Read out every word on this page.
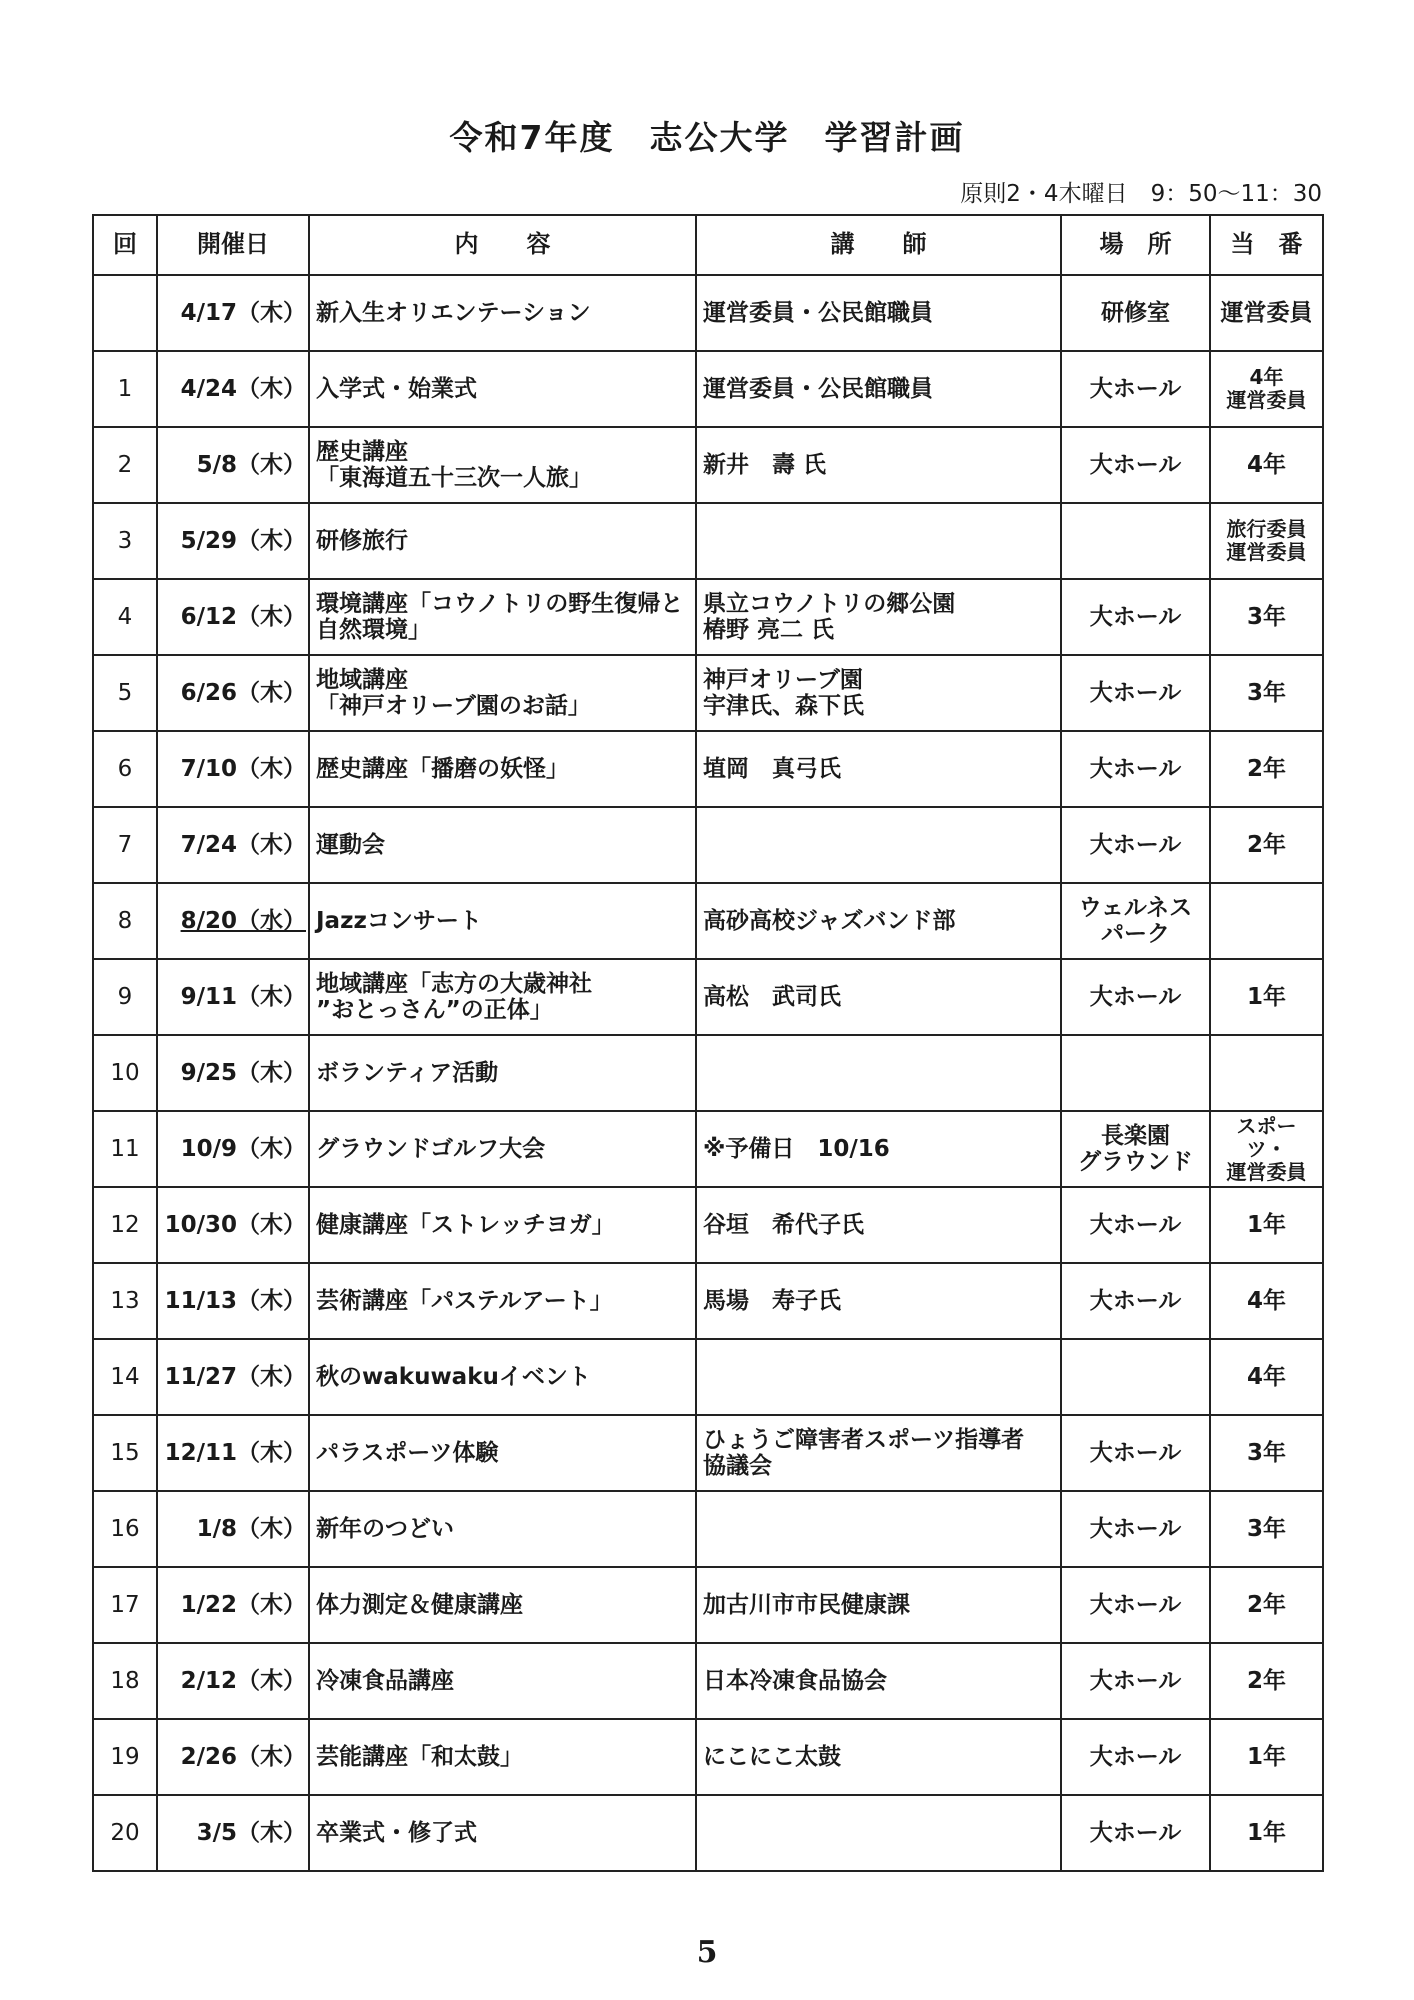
令和7年度　志公大学　学習計画
原則2・4木曜日　9：50～11：30
回	開催日	内　　容	講　　師	場　所	当　番
	4/17（木）	新入生オリエンテーション	運営委員・公民館職員	研修室	運営委員
1	4/24（木）	入学式・始業式	運営委員・公民館職員	大ホール	4年
運営委員
2	5/8（木）	歴史講座
「東海道五十三次一人旅」	新井　壽 氏	大ホール	4年
3	5/29（木）	研修旅行			旅行委員
運営委員
4	6/12（木）	環境講座「コウノトリの野生復帰と
自然環境」	県立コウノトリの郷公園
椿野 亮二 氏	大ホール	3年
5	6/26（木）	地域講座
「神戸オリーブ園のお話」	神戸オリーブ園
宇津氏、森下氏	大ホール	3年
6	7/10（木）	歴史講座「播磨の妖怪」	埴岡　真弓氏	大ホール	2年
7	7/24（木）	運動会		大ホール	2年
8	8/20（水）	Jazzコンサート	高砂高校ジャズバンド部	ウェルネス
パーク	
9	9/11（木）	地域講座「志方の大歳神社
”おとっさん”の正体」	高松　武司氏	大ホール	1年
10	9/25（木）	ボランティア活動			
11	10/9（木）	グラウンドゴルフ大会	※予備日　10/16	長楽園
グラウンド	スポーツ・
運営委員
12	10/30（木）	健康講座「ストレッチヨガ」	谷垣　希代子氏	大ホール	1年
13	11/13（木）	芸術講座「パステルアート」	馬場　寿子氏	大ホール	4年
14	11/27（木）	秋のwakuwakuイベント			4年
15	12/11（木）	パラスポーツ体験	ひょうご障害者スポーツ指導者
協議会	大ホール	3年
16	1/8（木）	新年のつどい		大ホール	3年
17	1/22（木）	体力測定＆健康講座	加古川市市民健康課	大ホール	2年
18	2/12（木）	冷凍食品講座	日本冷凍食品協会	大ホール	2年
19	2/26（木）	芸能講座「和太鼓」	にこにこ太鼓	大ホール	1年
20	3/5（木）	卒業式・修了式		大ホール	1年
5
